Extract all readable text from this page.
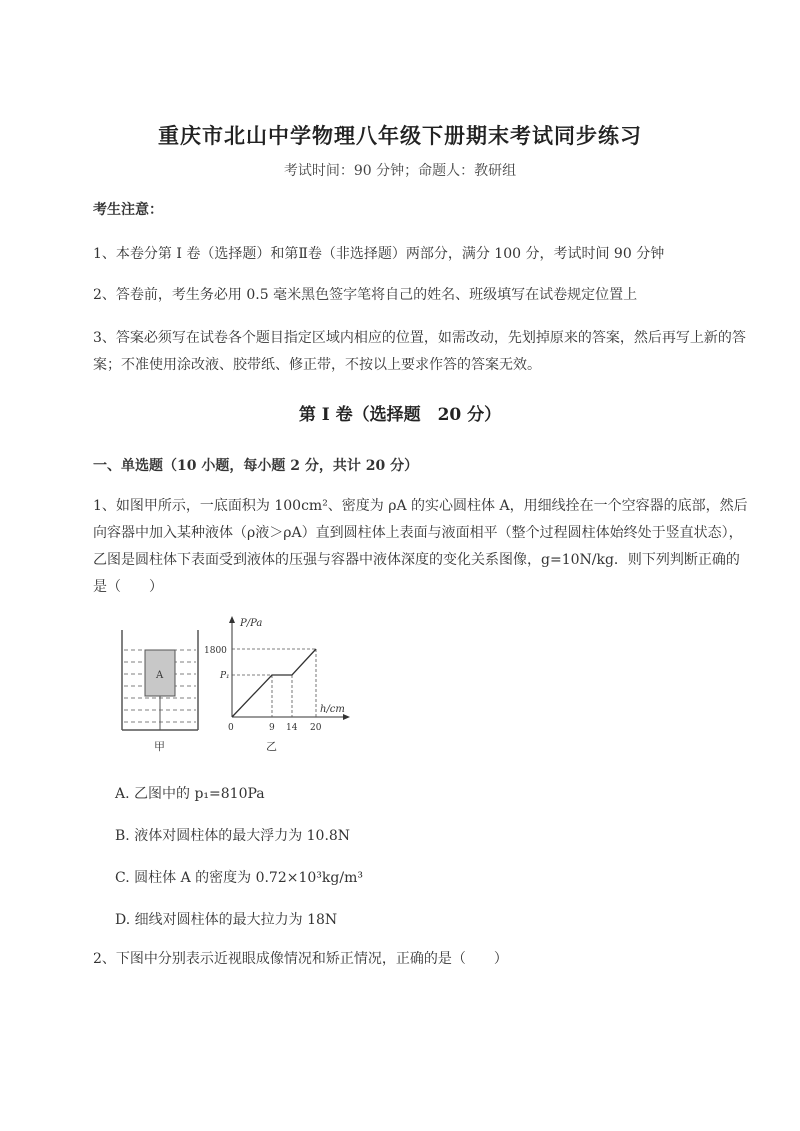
重庆市北山中学物理八年级下册期末考试同步练习
考试时间：90 分钟；命题人：教研组
考生注意：
1、本卷分第 I 卷（选择题）和第Ⅱ卷（非选择题）两部分，满分 100 分，考试时间 90 分钟
2、答卷前，考生务必用 0.5 毫米黑色签字笔将自己的姓名、班级填写在试卷规定位置上
3、答案必须写在试卷各个题目指定区域内相应的位置，如需改动，先划掉原来的答案，然后再写上新的答案；不准使用涂改液、胶带纸、修正带，不按以上要求作答的答案无效。
第 I 卷（选择题　20 分）
一、单选题（10 小题，每小题 2 分，共计 20 分）
1、如图甲所示，一底面积为 100cm²、密度为 ρA 的实心圆柱体 A，用细线拴在一个空容器的底部，然后向容器中加入某种液体（ρ液＞ρA）直到圆柱体上表面与液面相平（整个过程圆柱体始终处于竖直状态），乙图是圆柱体下表面受到液体的压强与容器中液体深度的变化关系图像，g=10N/kg．则下列判断正确的是（　　）
A
甲
P/Pa
h/cm
1800
P₁
0	9 14 20
乙
A. 乙图中的 p₁=810Pa
B. 液体对圆柱体的最大浮力为 10.8N
C. 圆柱体 A 的密度为 0.72×10³kg/m³
D. 细线对圆柱体的最大拉力为 18N
2、下图中分别表示近视眼成像情况和矫正情况，正确的是（　　）
